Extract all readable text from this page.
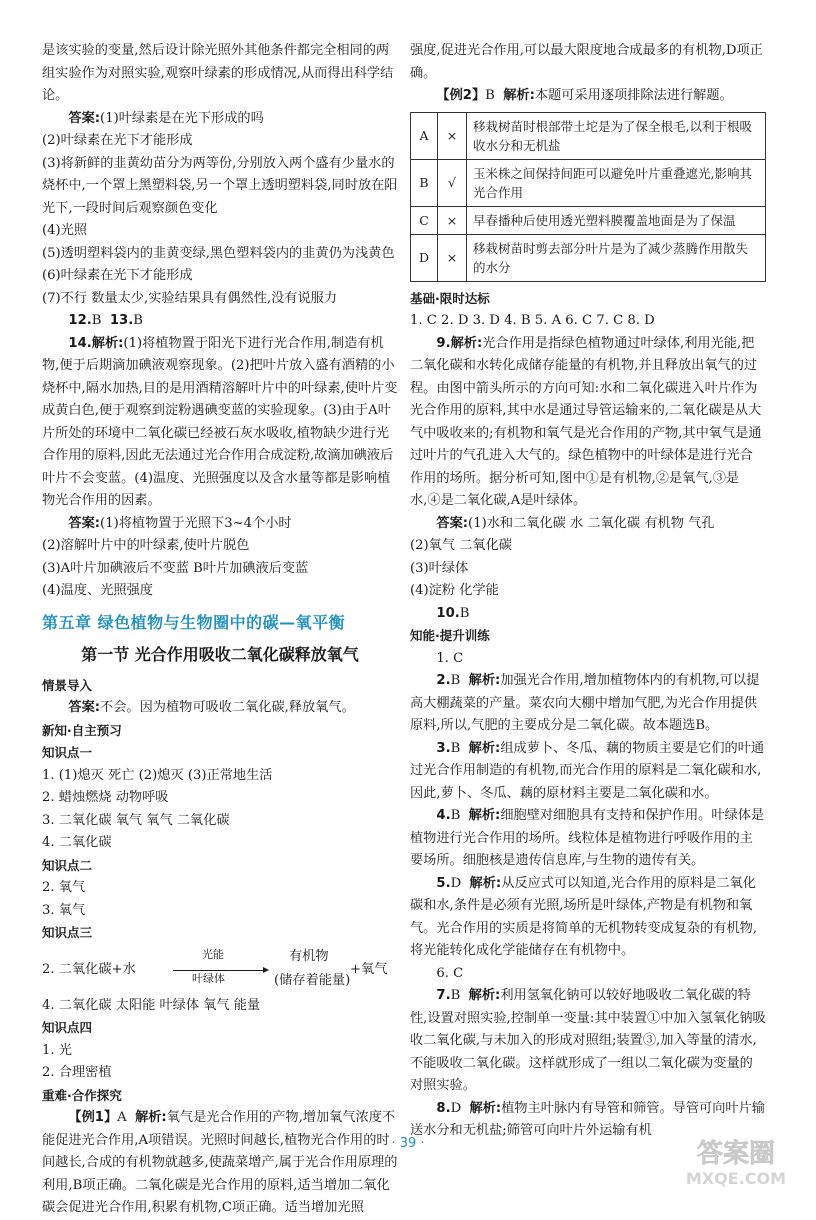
是该实验的变量,然后设计除光照外其他条件都完全相同的两组实验作为对照实验,观察叶绿素的形成情况,从而得出科学结论。

答案:(1)叶绿素是在光下形成的吗

(2)叶绿素在光下才能形成

(3)将新鲜的韭黄幼苗分为两等份,分别放入两个盛有少量水的烧杯中,一个罩上黑塑料袋,另一个罩上透明塑料袋,同时放在阳光下,一段时间后观察颜色变化

(4)光照

(5)透明塑料袋内的韭黄变绿,黑色塑料袋内的韭黄仍为浅黄色

(6)叶绿素在光下才能形成

(7)不行 数量太少,实验结果具有偶然性,没有说服力

12.B 13.B

14.解析:(1)将植物置于阳光下进行光合作用,制造有机物,便于后期滴加碘液观察现象。(2)把叶片放入盛有酒精的小烧杯中,隔水加热,目的是用酒精溶解叶片中的叶绿素,使叶片变成黄白色,便于观察到淀粉遇碘变蓝的实验现象。(3)由于A叶片所处的环境中二氧化碳已经被石灰水吸收,植物缺少进行光合作用的原料,因此无法通过光合作用合成淀粉,故滴加碘液后叶片不会变蓝。(4)温度、光照强度以及含水量等都是影响植物光合作用的因素。

答案:(1)将植物置于光照下3~4个小时

(2)溶解叶片中的叶绿素,使叶片脱色

(3)A叶片加碘液后不变蓝 B叶片加碘液后变蓝

(4)温度、光照强度

第五章 绿色植物与生物圈中的碳—氧平衡
第一节 光合作用吸收二氧化碳释放氧气

情景导入

答案:不会。因为植物可吸收二氧化碳,释放氧气。

新知·自主预习

知识点一

1. (1)熄灭 死亡 (2)熄灭 (3)正常地生活

2. 蜡烛燃烧 动物呼吸

3. 二氧化碳 氧气 氧气 二氧化碳

4. 二氧化碳

知识点二

2. 氧气

3. 氧气

知识点三

2. 二氧化碳+水
光能
叶绿体
有机物
(储存着能量)
+氧气

4. 二氧化碳 太阳能 叶绿体 氧气 能量

知识点四

1. 光

2. 合理密植

重难·合作探究

【例1】A 解析:氧气是光合作用的产物,增加氧气浓度不能促进光合作用,A项错误。光照时间越长,植物光合作用的时间越长,合成的有机物就越多,使蔬菜增产,属于光合作用原理的利用,B项正确。二氧化碳是光合作用的原料,适当增加二氧化碳会促进光合作用,积累有机物,C项正确。适当增加光照

强度,促进光合作用,可以最大限度地合成最多的有机物,D项正确。

【例2】B 解析:本题可采用逐项排除法进行解题。

A	×	移栽树苗时根部带土坨是为了保全根毛,以利于根吸收水分和无机盐
B	√	玉米株之间保持间距可以避免叶片重叠遮光,影响其光合作用
C	×	早春播种后使用透光塑料膜覆盖地面是为了保温
D	×	移栽树苗时剪去部分叶片是为了减少蒸腾作用散失的水分

基础·限时达标

1. C 2. D 3. D 4. B 5. A 6. C 7. C 8. D

9.解析:光合作用是指绿色植物通过叶绿体,利用光能,把二氧化碳和水转化成储存能量的有机物,并且释放出氧气的过程。由图中箭头所示的方向可知:水和二氧化碳进入叶片作为光合作用的原料,其中水是通过导管运输来的,二氧化碳是从大气中吸收来的;有机物和氧气是光合作用的产物,其中氧气是通过叶片的气孔进入大气的。绿色植物中的叶绿体是进行光合作用的场所。据分析可知,图中①是有机物,②是氧气,③是水,④是二氧化碳,A是叶绿体。

答案:(1)水和二氧化碳 水 二氧化碳 有机物 气孔

(2)氧气 二氧化碳

(3)叶绿体

(4)淀粉 化学能

10.B

知能·提升训练

1. C

2.B 解析:加强光合作用,增加植物体内的有机物,可以提高大棚蔬菜的产量。菜农向大棚中增加气肥,为光合作用提供原料,所以,气肥的主要成分是二氧化碳。故本题选B。

3.B 解析:组成萝卜、冬瓜、藕的物质主要是它们的叶通过光合作用制造的有机物,而光合作用的原料是二氧化碳和水,因此,萝卜、冬瓜、藕的原材料主要是二氧化碳和水。

4.B 解析:细胞壁对细胞具有支持和保护作用。叶绿体是植物进行光合作用的场所。线粒体是植物进行呼吸作用的主要场所。细胞核是遗传信息库,与生物的遗传有关。

5.D 解析:从反应式可以知道,光合作用的原料是二氧化碳和水,条件是必须有光照,场所是叶绿体,产物是有机物和氧气。光合作用的实质是将简单的无机物转变成复杂的有机物,将光能转化成化学能储存在有机物中。

6. C

7.B 解析:利用氢氧化钠可以较好地吸收二氧化碳的特性,设置对照实验,控制单一变量:其中装置①中加入氢氧化钠吸收二氧化碳,与未加入的形成对照组;装置③,加入等量的清水,不能吸收二氧化碳。这样就形成了一组以二氧化碳为变量的对照实验。

8.D 解析:植物主叶脉内有导管和筛管。导管可向叶片输送水分和无机盐;筛管可向叶片外运输有机

· 39 ·	答案圈
MXQE.COM
